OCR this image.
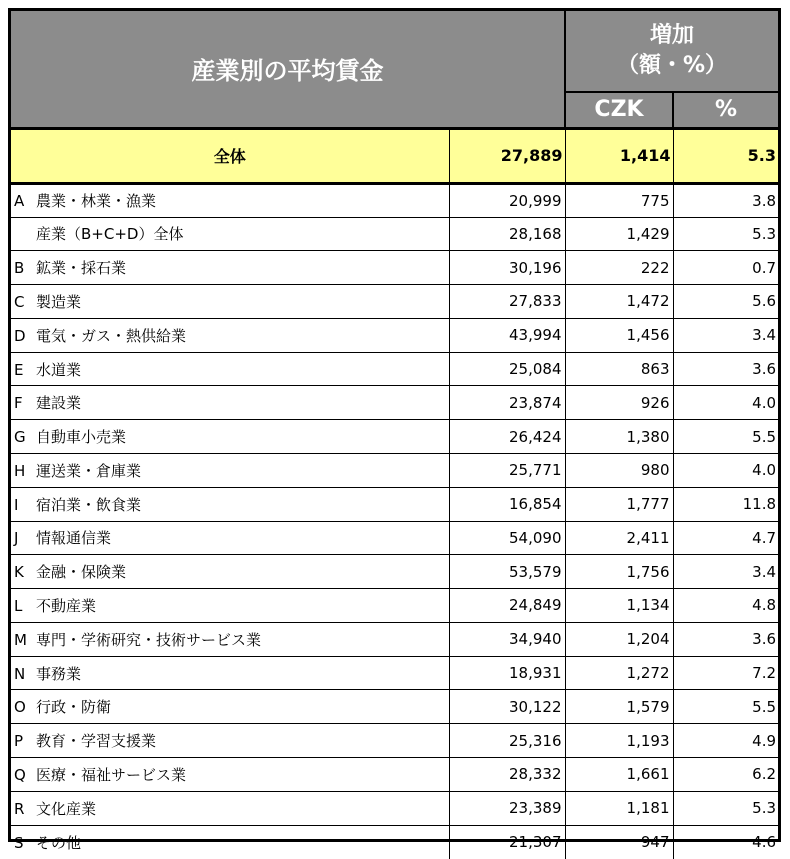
産業別の平均賃金		増加
（額・%）	

		CZK	%
全体	27,889	1,414	5.3
A 農業・林業・漁業	20,999	775	3.8
産業（B+C+D）全体	28,168	1,429	5.3
B 鉱業・採石業	30,196	222	0.7
C 製造業	27,833	1,472	5.6
D 電気・ガス・熱供給業	43,994	1,456	3.4
E 水道業	25,084	863	3.6
F 建設業	23,874	926	4.0
G 自動車小売業	26,424	1,380	5.5
H 運送業・倉庫業	25,771	980	4.0
I 宿泊業・飲食業	16,854	1,777	11.8
J 情報通信業	54,090	2,411	4.7
K 金融・保険業	53,579	1,756	3.4
L 不動産業	24,849	1,134	4.8
M 専門・学術研究・技術サービス業	34,940	1,204	3.6
N 事務業	18,931	1,272	7.2
O 行政・防衛	30,122	1,579	5.5
P 教育・学習支援業	25,316	1,193	4.9
Q 医療・福祉サービス業	28,332	1,661	6.2
R 文化産業	23,389	1,181	5.3
S その他	21,307	947	4.6
